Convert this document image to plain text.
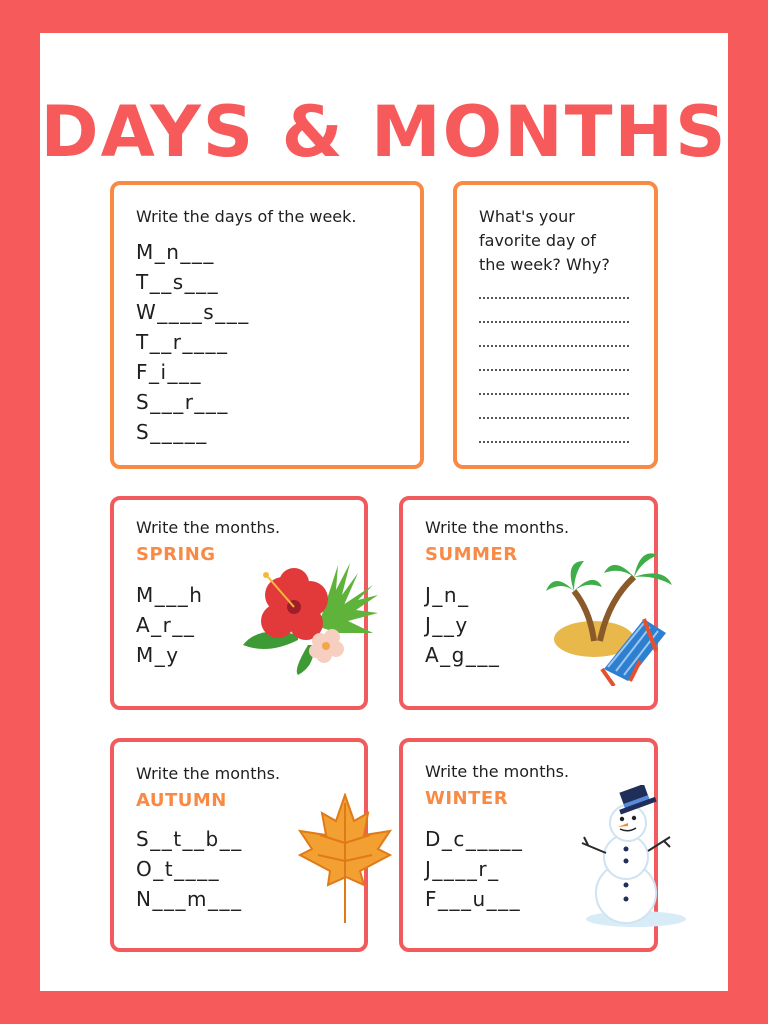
DAYS & MONTHS
Write the days of the week.
M_n___
T__s___
W____s___
T__r____
F_i___
S___r___
S_____
What's your
favorite day of
the week? Why?
Write the months.
SPRING
M___h
A_r__
M_y
Write the months.
SUMMER
J_n_
J__y
A_g___
Write the months.
AUTUMN
S__t__b__
O_t____
N___m___
Write the months.
WINTER
D_c_____
J____r_
F___u___
